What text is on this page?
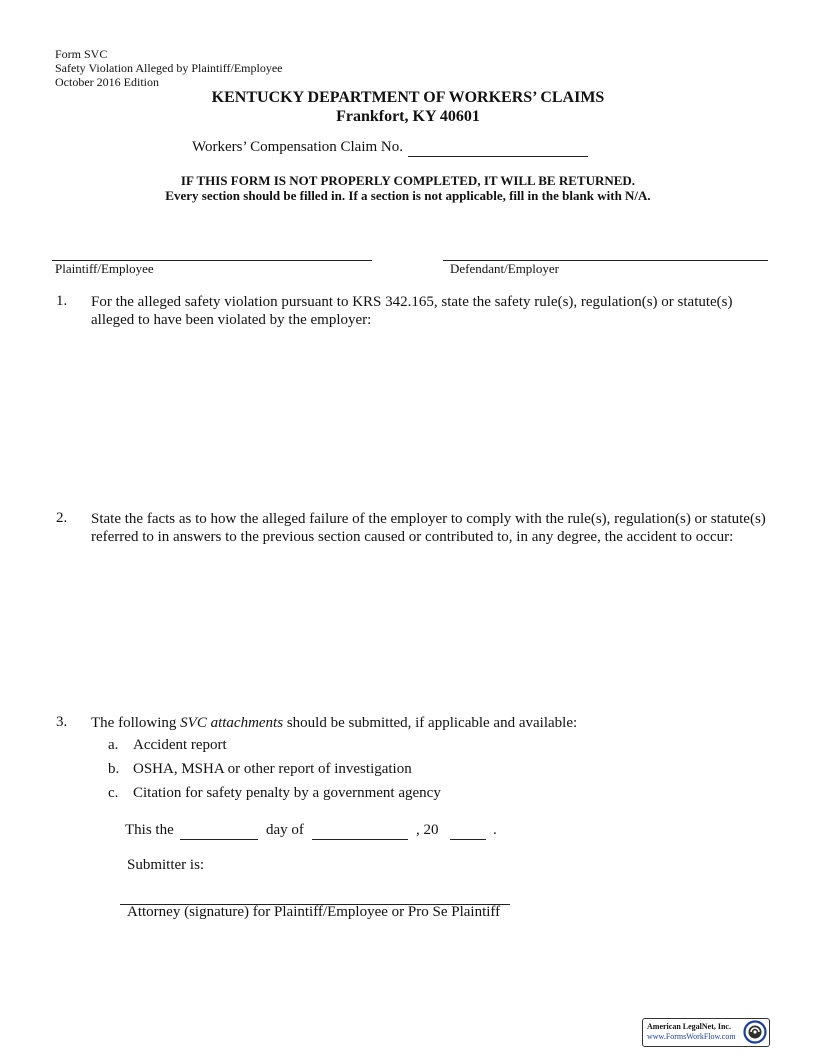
Form SVC
Safety Violation Alleged by Plaintiff/Employee
October 2016 Edition
KENTUCKY DEPARTMENT OF WORKERS’ CLAIMS
Frankfort, KY 40601
Workers’ Compensation Claim No.
IF THIS FORM IS NOT PROPERLY COMPLETED, IT WILL BE RETURNED.
Every section should be filled in. If a section is not applicable, fill in the blank with N/A.
Plaintiff/Employee	Defendant/Employer
1. For the alleged safety violation pursuant to KRS 342.165, state the safety rule(s), regulation(s) or statute(s)
alleged to have been violated by the employer:
2. State the facts as to how the alleged failure of the employer to comply with the rule(s), regulation(s) or statute(s)
referred to in answers to the previous section caused or contributed to, in any degree, the accident to occur:
3. The following SVC attachments should be submitted, if applicable and available:
a. Accident report
b. OSHA, MSHA or other report of investigation
c. Citation for safety penalty by a government agency
This the	day of	, 20	.
Submitter is:
Attorney (signature) for Plaintiff/Employee or Pro Se Plaintiff
American LegalNet, Inc.
www.FormsWorkFlow.com
